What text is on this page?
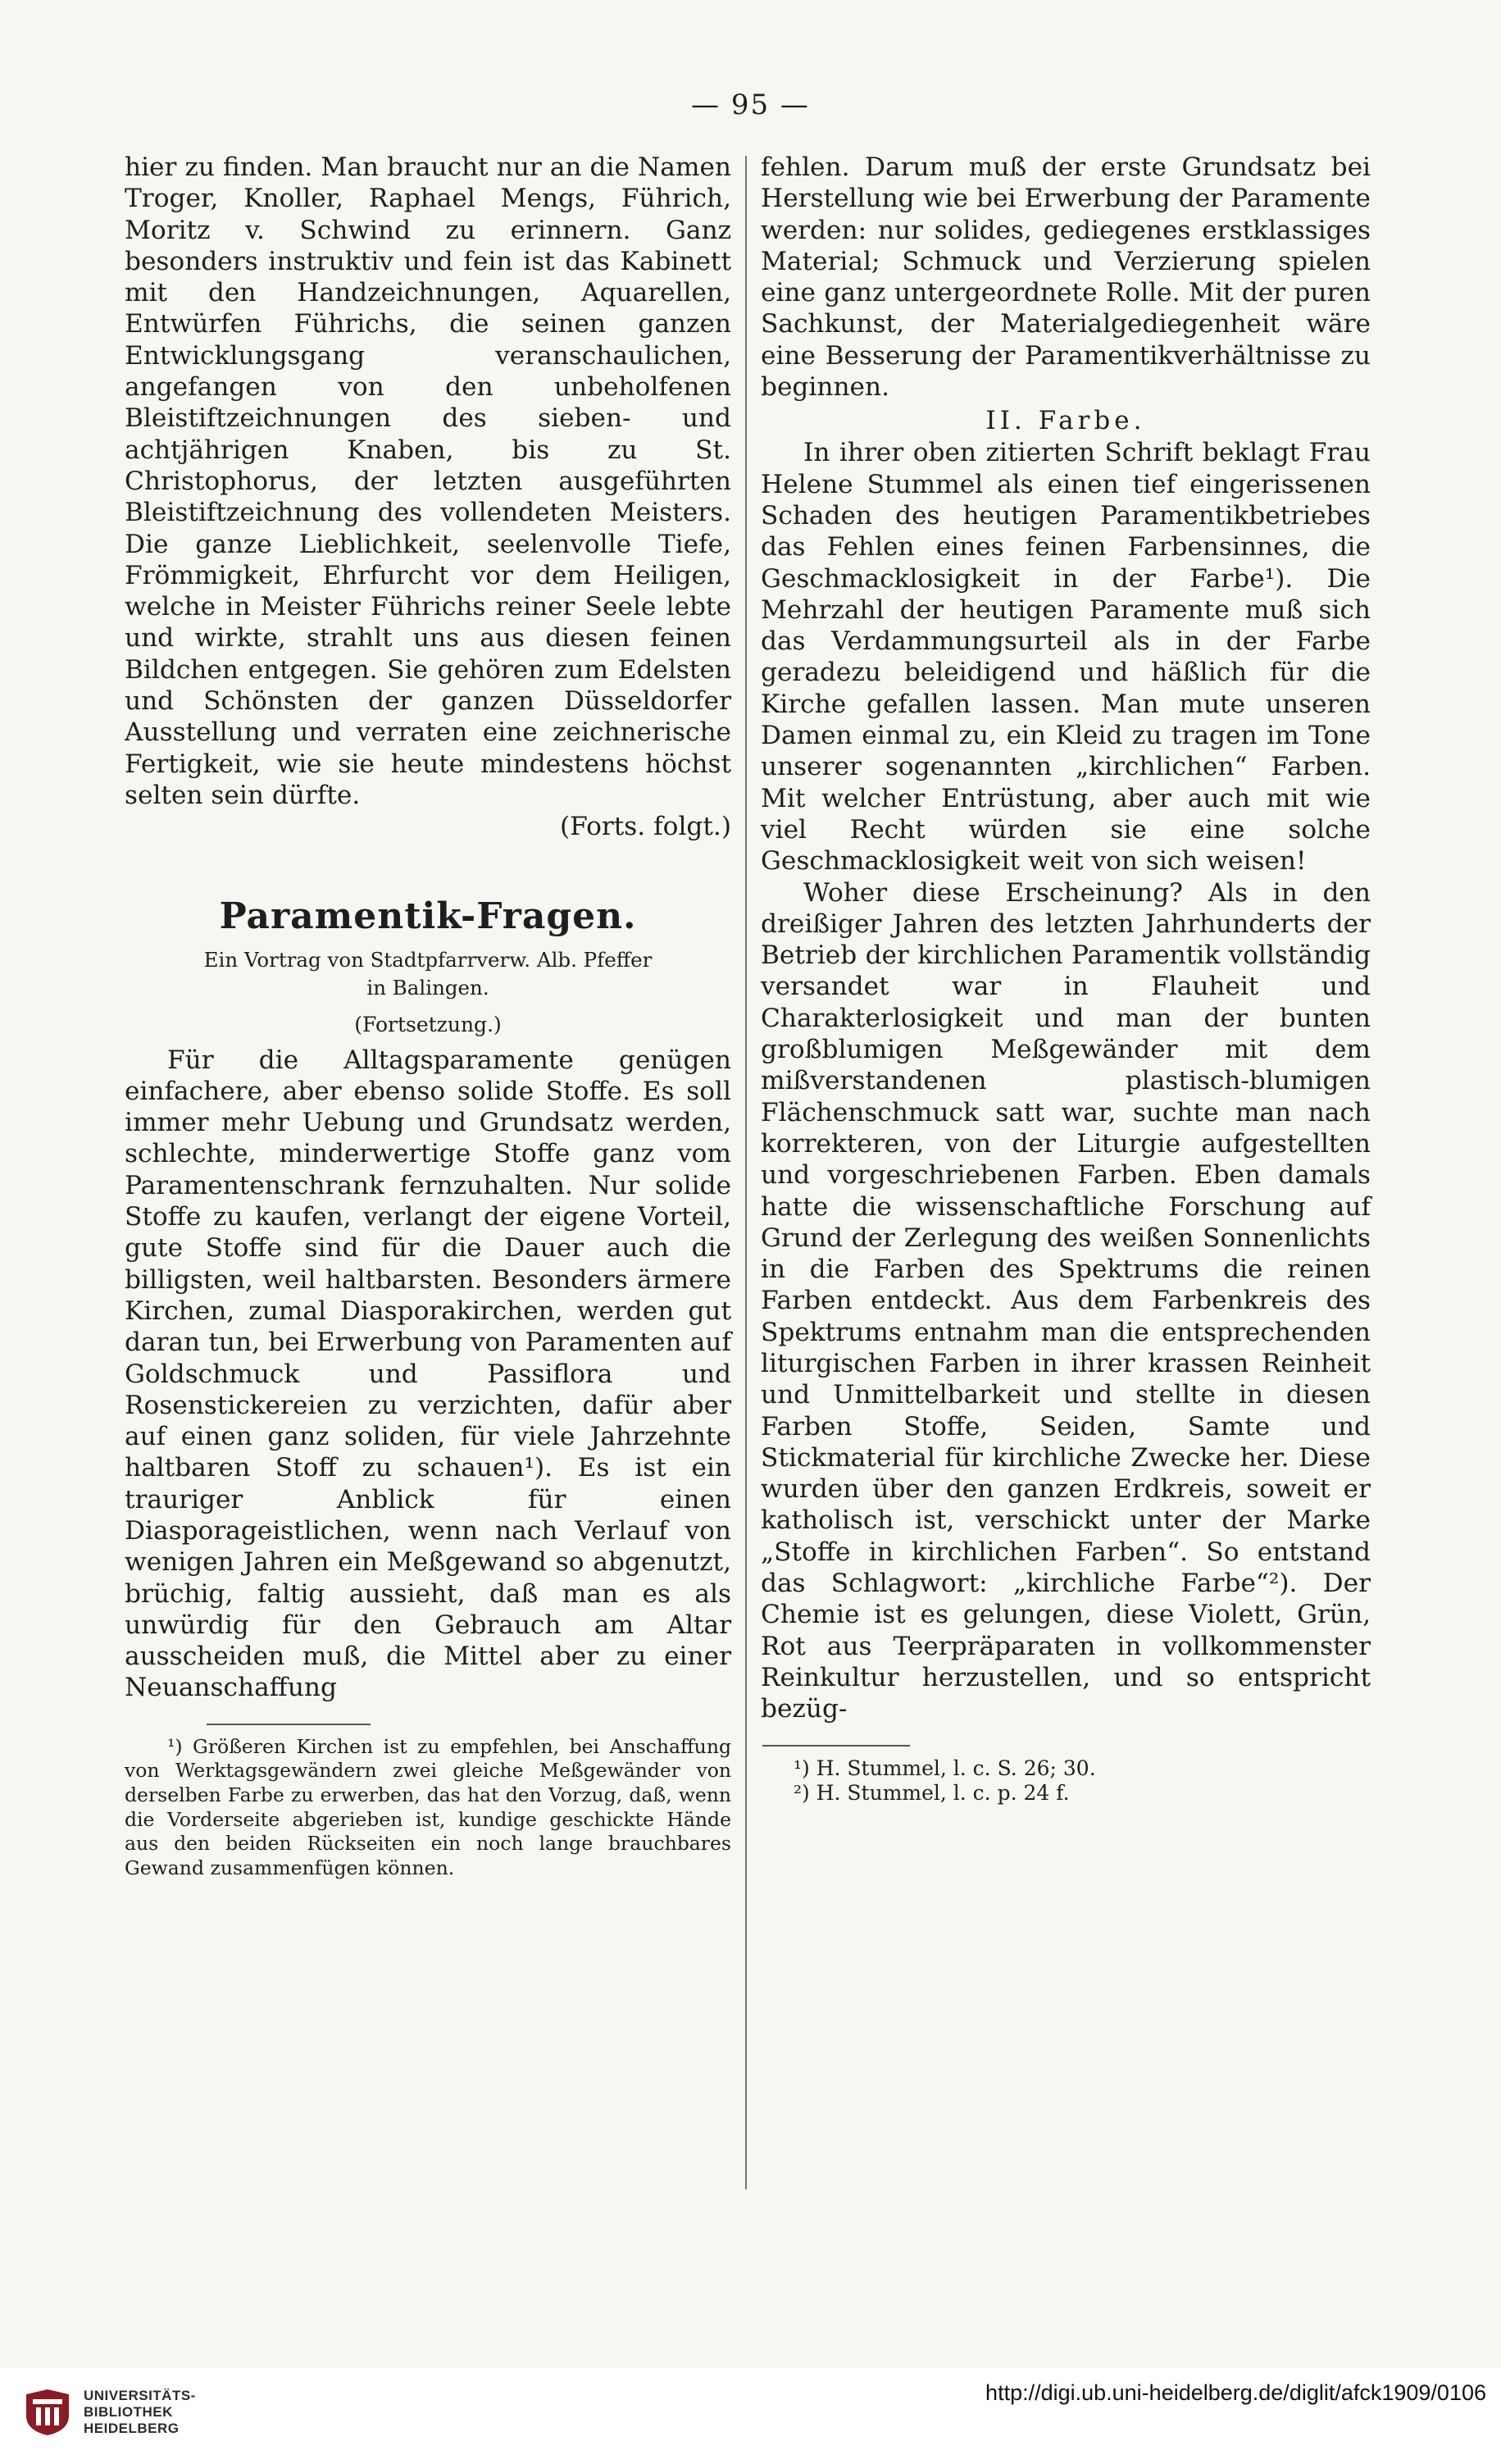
— 95 —

hier zu finden. Man braucht nur an die Namen Troger, Knoller, Raphael Mengs, Führich, Moritz v. Schwind zu erinnern. Ganz besonders instruktiv und fein ist das Kabinett mit den Handzeichnungen, Aquarellen, Entwürfen Führichs, die seinen ganzen Entwicklungsgang veranschaulichen, angefangen von den unbeholfenen Bleistiftzeichnungen des sieben- und achtjährigen Knaben, bis zu St. Christophorus, der letzten ausgeführten Bleistiftzeichnung des vollendeten Meisters. Die ganze Lieblichkeit, seelenvolle Tiefe, Frömmigkeit, Ehrfurcht vor dem Heiligen, welche in Meister Führichs reiner Seele lebte und wirkte, strahlt uns aus diesen feinen Bildchen entgegen. Sie gehören zum Edelsten und Schönsten der ganzen Düsseldorfer Ausstellung und verraten eine zeichnerische Fertigkeit, wie sie heute mindestens höchst selten sein dürfte.

(Forts. folgt.)

Paramentik-Fragen.

Ein Vortrag von Stadtpfarrverw. Alb. Pfeffer

in Balingen.

(Fortsetzung.)

Für die Alltagsparamente genügen einfachere, aber ebenso solide Stoffe. Es soll immer mehr Uebung und Grundsatz werden, schlechte, minderwertige Stoffe ganz vom Paramentenschrank fernzuhalten. Nur solide Stoffe zu kaufen, verlangt der eigene Vorteil, gute Stoffe sind für die Dauer auch die billigsten, weil haltbarsten. Besonders ärmere Kirchen, zumal Diasporakirchen, werden gut daran tun, bei Erwerbung von Paramenten auf Goldschmuck und Passiflora und Rosenstickereien zu verzichten, dafür aber auf einen ganz soliden, für viele Jahrzehnte haltbaren Stoff zu schauen¹). Es ist ein trauriger Anblick für einen Diasporageistlichen, wenn nach Verlauf von wenigen Jahren ein Meßgewand so abgenutzt, brüchig, faltig aussieht, daß man es als unwürdig für den Gebrauch am Altar ausscheiden muß, die Mittel aber zu einer Neuanschaffung

¹) Größeren Kirchen ist zu empfehlen, bei Anschaffung von Werktagsgewändern zwei gleiche Meßgewänder von derselben Farbe zu erwerben, das hat den Vorzug, daß, wenn die Vorderseite abgerieben ist, kundige geschickte Hände aus den beiden Rückseiten ein noch lange brauchbares Gewand zusammenfügen können.

fehlen. Darum muß der erste Grundsatz bei Herstellung wie bei Erwerbung der Paramente werden: nur solides, gediegenes erstklassiges Material; Schmuck und Verzierung spielen eine ganz untergeordnete Rolle. Mit der puren Sachkunst, der Materialgediegenheit wäre eine Besserung der Paramentikverhältnisse zu beginnen.

II. Farbe.

In ihrer oben zitierten Schrift beklagt Frau Helene Stummel als einen tief eingerissenen Schaden des heutigen Paramentikbetriebes das Fehlen eines feinen Farbensinnes, die Geschmacklosigkeit in der Farbe¹). Die Mehrzahl der heutigen Paramente muß sich das Verdammungsurteil als in der Farbe geradezu beleidigend und häßlich für die Kirche gefallen lassen. Man mute unseren Damen einmal zu, ein Kleid zu tragen im Tone unserer sogenannten „kirchlichen“ Farben. Mit welcher Entrüstung, aber auch mit wie viel Recht würden sie eine solche Geschmacklosigkeit weit von sich weisen!

Woher diese Erscheinung? Als in den dreißiger Jahren des letzten Jahrhunderts der Betrieb der kirchlichen Paramentik vollständig versandet war in Flauheit und Charakterlosigkeit und man der bunten großblumigen Meßgewänder mit dem mißverstandenen plastisch-blumigen Flächenschmuck satt war, suchte man nach korrekteren, von der Liturgie aufgestellten und vorgeschriebenen Farben. Eben damals hatte die wissenschaftliche Forschung auf Grund der Zerlegung des weißen Sonnenlichts in die Farben des Spektrums die reinen Farben entdeckt. Aus dem Farbenkreis des Spektrums entnahm man die entsprechenden liturgischen Farben in ihrer krassen Reinheit und Unmittelbarkeit und stellte in diesen Farben Stoffe, Seiden, Samte und Stickmaterial für kirchliche Zwecke her. Diese wurden über den ganzen Erdkreis, soweit er katholisch ist, verschickt unter der Marke „Stoffe in kirchlichen Farben“. So entstand das Schlagwort: „kirchliche Farbe“²). Der Chemie ist es gelungen, diese Violett, Grün, Rot aus Teerpräparaten in vollkommenster Reinkultur herzustellen, und so entspricht bezüg-

¹) H. Stummel, l. c. S. 26; 30.

²) H. Stummel, l. c. p. 24 f.

UNIVERSITÄTS-
BIBLIOTHEK
HEIDELBERG
http://digi.ub.uni-heidelberg.de/diglit/afck1909/0106
